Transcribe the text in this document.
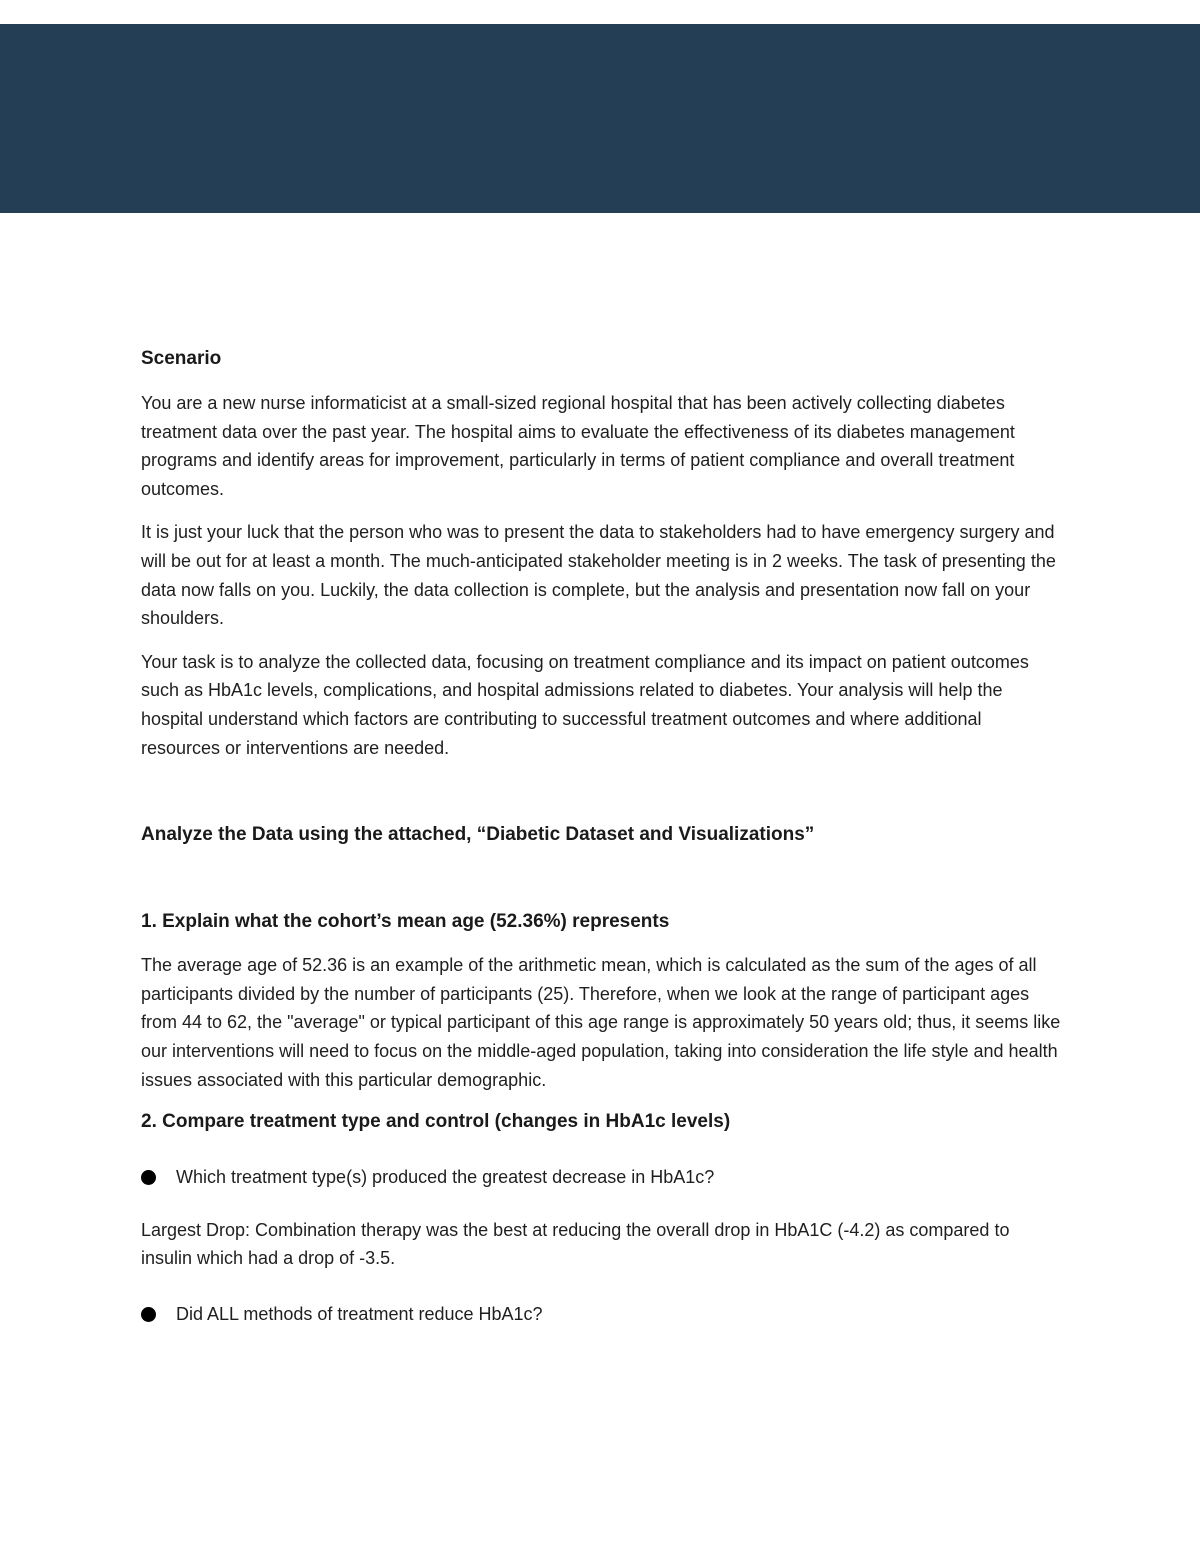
Scenario

You are a new nurse informaticist at a small-sized regional hospital that has been actively collecting diabetes treatment data over the past year. The hospital aims to evaluate the effectiveness of its diabetes management programs and identify areas for improvement, particularly in terms of patient compliance and overall treatment outcomes.

It is just your luck that the person who was to present the data to stakeholders had to have emergency surgery and will be out for at least a month. The much-anticipated stakeholder meeting is in 2 weeks. The task of presenting the data now falls on you. Luckily, the data collection is complete, but the analysis and presentation now fall on your shoulders.

Your task is to analyze the collected data, focusing on treatment compliance and its impact on patient outcomes such as HbA1c levels, complications, and hospital admissions related to diabetes. Your analysis will help the hospital understand which factors are contributing to successful treatment outcomes and where additional resources or interventions are needed.

Analyze the Data using the attached, “Diabetic Dataset and Visualizations”

1. Explain what the cohort’s mean age (52.36%) represents

The average age of 52.36 is an example of the arithmetic mean, which is calculated as the sum of the ages of all participants divided by the number of participants (25). Therefore, when we look at the range of participant ages from 44 to 62, the "average" or typical participant of this age range is approximately 50 years old; thus, it seems like our interventions will need to focus on the middle-aged population, taking into consideration the life style and health issues associated with this particular demographic.

2. Compare treatment type and control (changes in HbA1c levels)

Which treatment type(s) produced the greatest decrease in HbA1c?

Largest Drop: Combination therapy was the best at reducing the overall drop in HbA1C (-4.2) as compared to insulin which had a drop of -3.5.

Did ALL methods of treatment reduce HbA1c?
